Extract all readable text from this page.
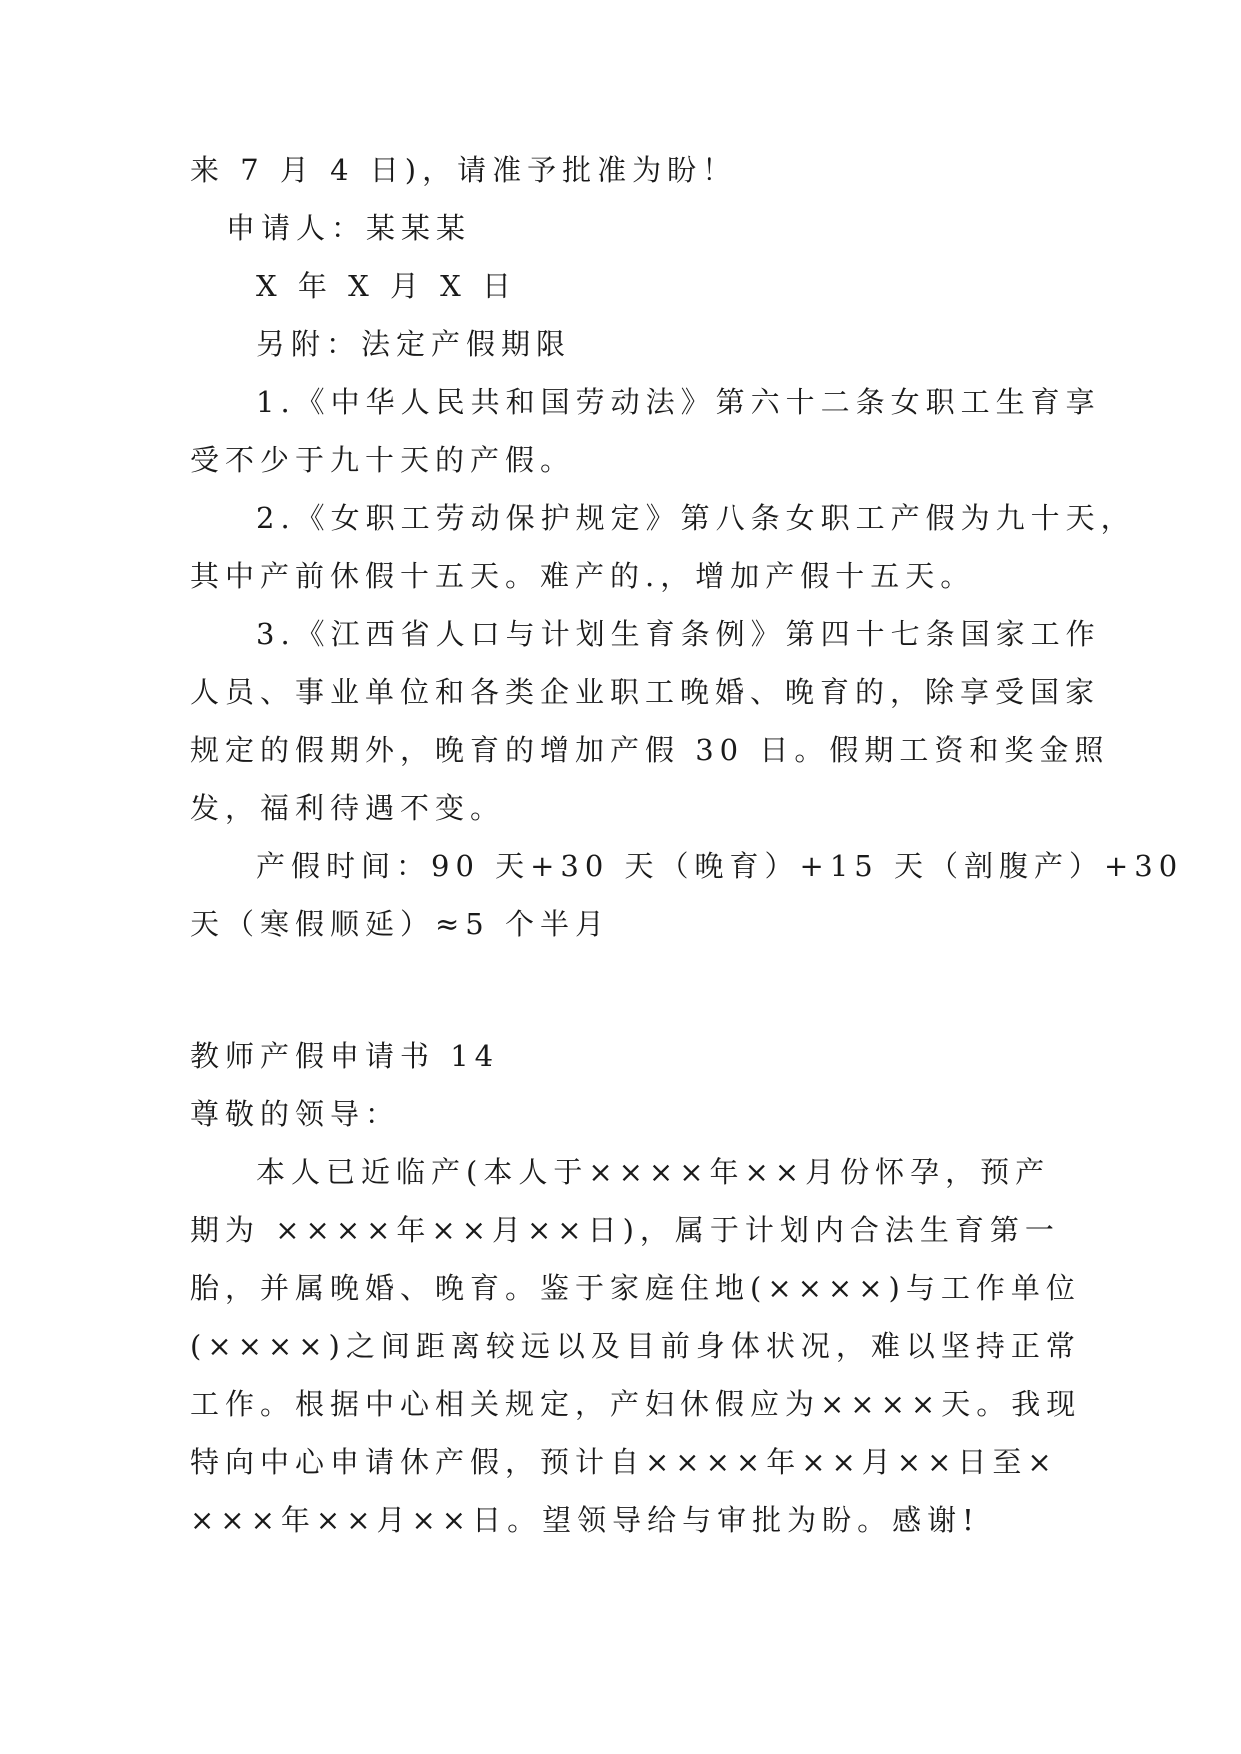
来 7 月 4 日)，请准予批准为盼！
申请人：某某某
X 年 X 月 X 日
另附：法定产假期限
1.《中华人民共和国劳动法》第六十二条女职工生育享
受不少于九十天的产假。
2.《女职工劳动保护规定》第八条女职工产假为九十天，
其中产前休假十五天。难产的.，增加产假十五天。
3.《江西省人口与计划生育条例》第四十七条国家工作
人员、事业单位和各类企业职工晚婚、晚育的，除享受国家
规定的假期外，晚育的增加产假 30 日。假期工资和奖金照
发，福利待遇不变。
产假时间：90 天+30 天（晚育）+15 天（剖腹产）+30
天（寒假顺延）≈5 个半月
教师产假申请书 14
尊敬的领导：
本人已近临产(本人于××××年××月份怀孕，预产
期为 ××××年××月××日)，属于计划内合法生育第一
胎，并属晚婚、晚育。鉴于家庭住地(××××)与工作单位
(××××)之间距离较远以及目前身体状况，难以坚持正常
工作。根据中心相关规定，产妇休假应为××××天。我现
特向中心申请休产假，预计自××××年××月××日至×
×××年××月××日。望领导给与审批为盼。感谢!
